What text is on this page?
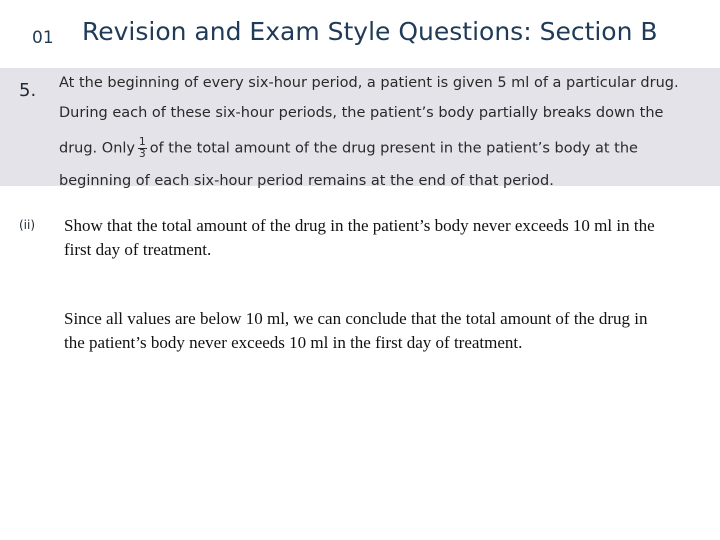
01 Revision and Exam Style Questions: Section B
5. At the beginning of every six-hour period, a patient is given 5 ml of a particular drug.
During each of these six-hour periods, the patient’s body partially breaks down the
drug. Only $\frac{1}{3}$ of the total amount of the drug present in the patient’s body at the
beginning of each six-hour period remains at the end of that period.
(ii) Show that the total amount of the drug in the patient’s body never exceeds 10 ml in the first day of treatment.
Since all values are below 10 ml, we can conclude that the total amount of the drug in the patient’s body never exceeds 10 ml in the first day of treatment.
